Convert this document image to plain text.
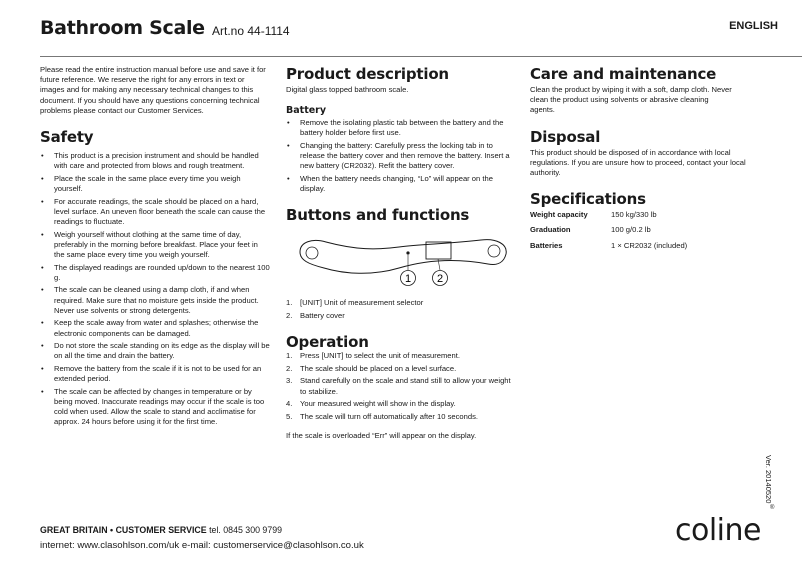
Bathroom Scale Art.no 44-1114	ENGLISH

Please read the entire instruction manual before use and save it for future reference. We reserve the right for any errors in text or images and for making any necessary technical changes to this document. If you should have any questions concerning technical problems please contact our Customer Services.

Safety
• This product is a precision instrument and should be handled with care and protected from blows and rough treatment.
• Place the scale in the same place every time you weigh yourself.
• For accurate readings, the scale should be placed on a hard, level surface. An uneven floor beneath the scale can cause the readings to fluctuate.
• Weigh yourself without clothing at the same time of day, preferably in the morning before breakfast. Place your feet in the same place every time you weigh yourself.
• The displayed readings are rounded up/down to the nearest 100 g.
• The scale can be cleaned using a damp cloth, if and when required. Make sure that no moisture gets inside the product. Never use solvents or strong detergents.
• Keep the scale away from water and splashes; otherwise the electronic components can be damaged.
• Do not store the scale standing on its edge as the display will be on all the time and drain the battery.
• Remove the battery from the scale if it is not to be used for an extended period.
• The scale can be affected by changes in temperature or by being moved. Inaccurate readings may occur if the scale is too cold when used. Allow the scale to stand and acclimatise for approx. 24 hours before using it for the first time.
Product description

Digital glass topped bathroom scale.

Battery
• Remove the isolating plastic tab between the battery and the battery holder before first use.
• Changing the battery: Carefully press the locking tab in to release the battery cover and then remove the battery. Insert a new battery (CR2032). Refit the battery cover.
• When the battery needs changing, “Lo” will appear on the display.
Buttons and functions
1 2
1. [UNIT] Unit of measurement selector
2. Battery cover
Operation
1. Press [UNIT] to select the unit of measurement.
2. The scale should be placed on a level surface.
3. Stand carefully on the scale and stand still to allow your weight to stabilize.
4. Your measured weight will show in the display.
5. The scale will turn off automatically after 10 seconds.

If the scale is overloaded “Err” will appear on the display.

Care and maintenance

Clean the product by wiping it with a soft, damp cloth. Never clean the product using solvents or abrasive cleaning agents.

Disposal

This product should be disposed of in accordance with local regulations. If you are unsure how to proceed, contact your local authority.

Specifications
Weight capacity	150 kg/330 lb
Graduation	100 g/0.2 lb
Batteries	1 × CR2032 (included)
Ver. 20140520
GREAT BRITAIN • CUSTOMER SERVICE tel. 0845 300 9799
internet: www.clasohlson.com/uk e-mail: customerservice@clasohlson.co.uk	coline
®
